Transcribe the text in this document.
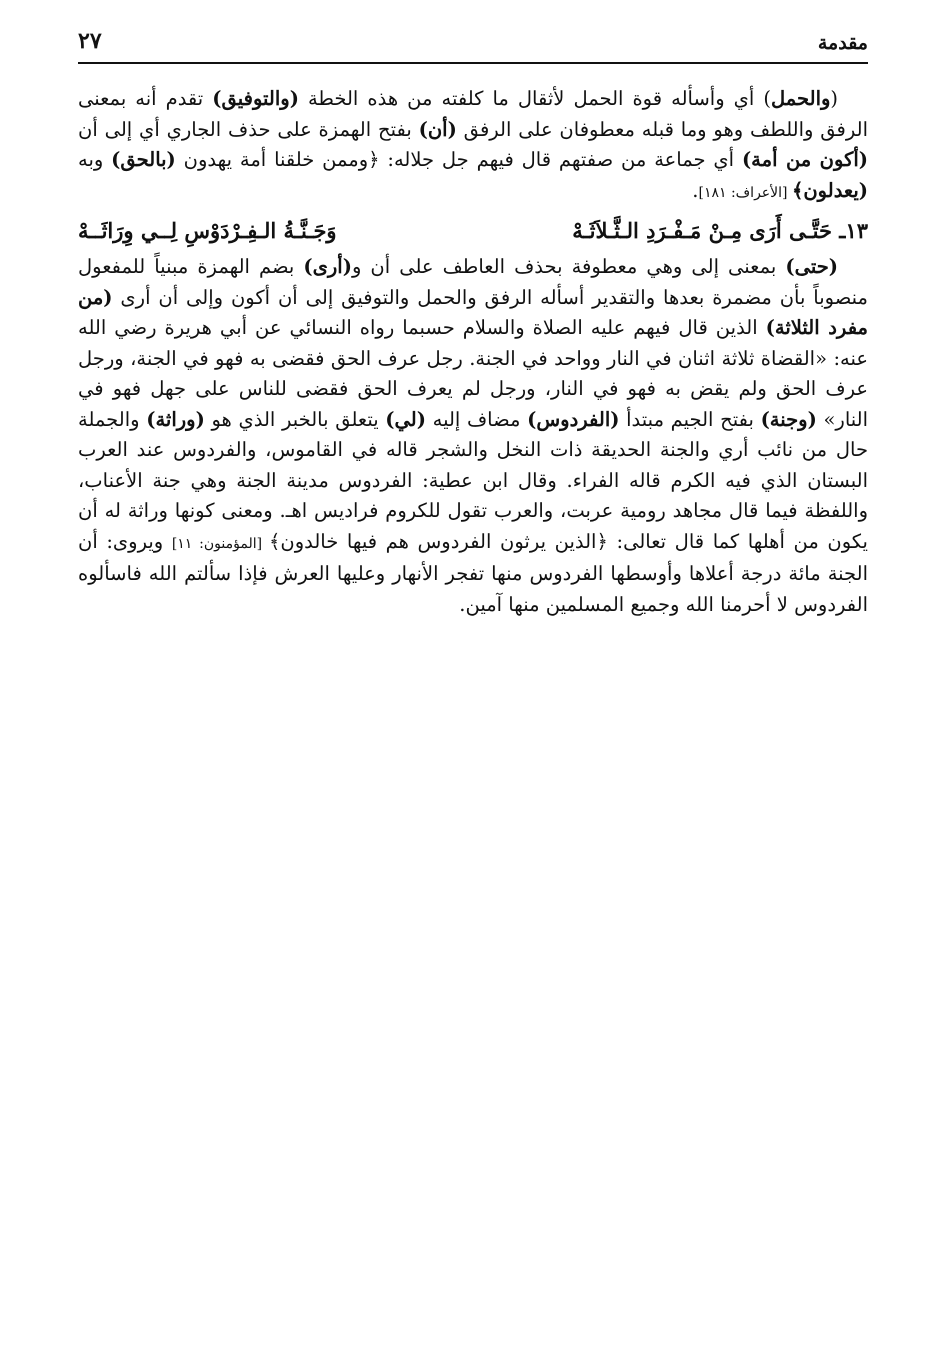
مقدمة
٢٧

(والحمل) أي وأسأله قوة الحمل لأثقال ما كلفته من هذه الخطة (والتوفيق) تقدم أنه بمعنى الرفق واللطف وهو وما قبله معطوفان على الرفق (أن) بفتح الهمزة على حذف الجاري أي إلى أن (أكون من أمة) أي جماعة من صفتهم قال فيهم جل جلاله: ﴿وممن خلقنا أمة يهدون (بالحق) وبه (يعدلون﴾ [الأعراف: ١٨١].

١٣ـ
حَتَّـى أَرَى مِـنْ مَـفْـرَدِ الـثَّـلاَثَـهْ
وَجَـنَّـةُ الـفِـرْدَوْسِ لِــي وِرَاثَــهْ

(حتى) بمعنى إلى وهي معطوفة بحذف العاطف على أن و(أرى) بضم الهمزة مبنياً للمفعول منصوباً بأن مضمرة بعدها والتقدير أسأله الرفق والحمل والتوفيق إلى أن أكون وإلى أن أرى (من مفرد الثلاثة) الذين قال فيهم عليه الصلاة والسلام حسبما رواه النسائي عن أبي هريرة رضي الله عنه: «القضاة ثلاثة اثنان في النار وواحد في الجنة. رجل عرف الحق فقضى به فهو في الجنة، ورجل عرف الحق ولم يقض به فهو في النار، ورجل لم يعرف الحق فقضى للناس على جهل فهو في النار» (وجنة) بفتح الجيم مبتدأ (الفردوس) مضاف إليه (لي) يتعلق بالخبر الذي هو (وراثة) والجملة حال من نائب أري والجنة الحديقة ذات النخل والشجر قاله في القاموس، والفردوس عند العرب البستان الذي فيه الكرم قاله الفراء. وقال ابن عطية: الفردوس مدينة الجنة وهي جنة الأعناب، واللفظة فيما قال مجاهد رومية عربت، والعرب تقول للكروم فراديس اهـ. ومعنى كونها وراثة له أن يكون من أهلها كما قال تعالى: ﴿الذين يرثون الفردوس هم فيها خالدون﴾ [المؤمنون: ١١] ويروى: أن الجنة مائة درجة أعلاها وأوسطها الفردوس منها تفجر الأنهار وعليها العرش فإذا سألتم الله فاسألوه الفردوس لا أحرمنا الله وجميع المسلمين منها آمين.
